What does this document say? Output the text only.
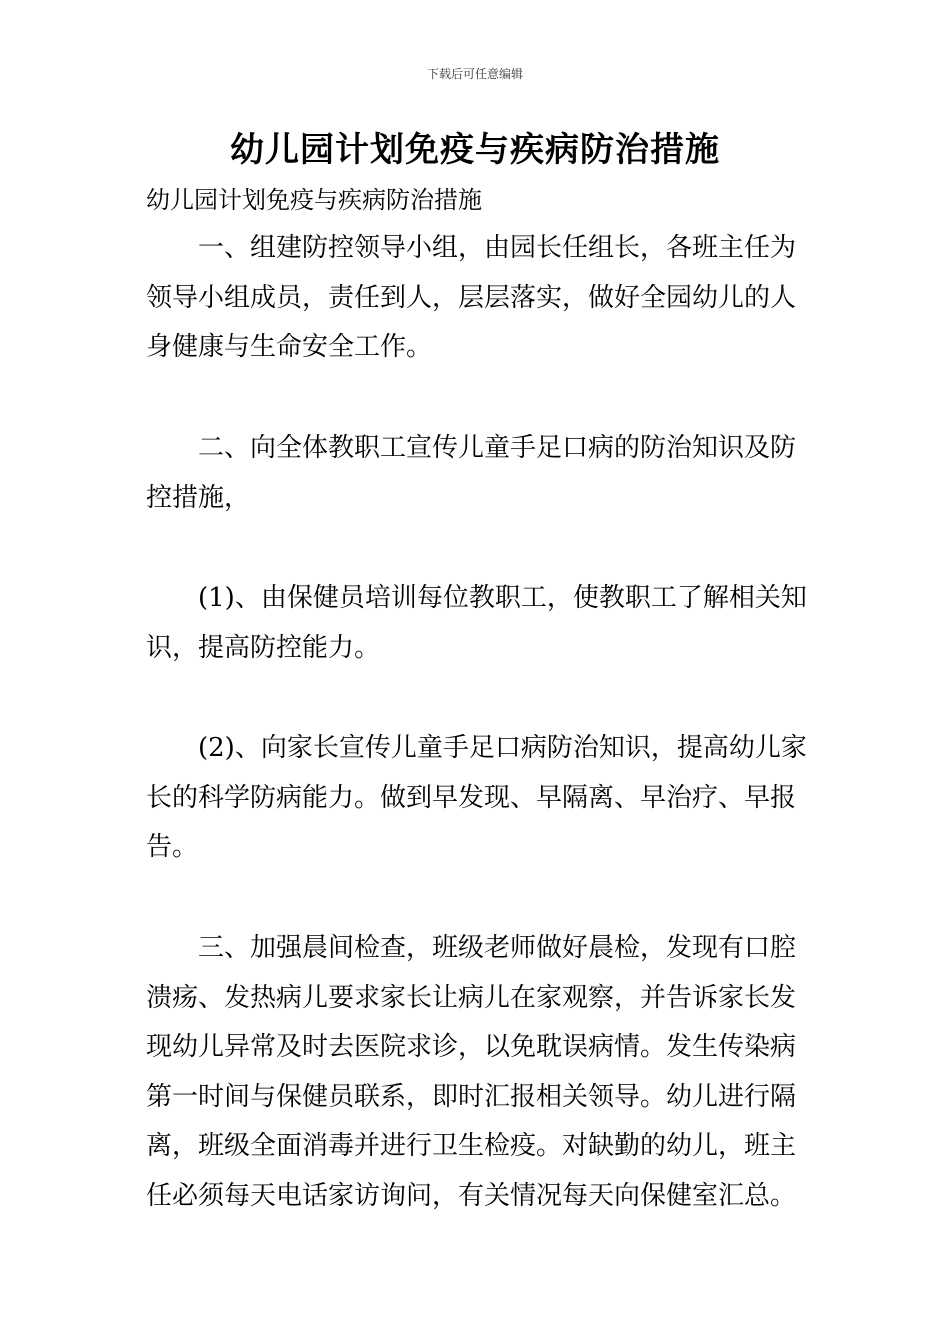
下载后可任意编辑
幼儿园计划免疫与疾病防治措施
幼儿园计划免疫与疾病防治措施
一、组建防控领导小组，由园长任组长，各班主任为
领导小组成员，责任到人，层层落实，做好全园幼儿的人
身健康与生命安全工作。
二、向全体教职工宣传儿童手足口病的防治知识及防
控措施，
(1)、由保健员培训每位教职工，使教职工了解相关知
识，提高防控能力。
(2)、向家长宣传儿童手足口病防治知识，提高幼儿家
长的科学防病能力。做到早发现、早隔离、早治疗、早报
告。
三、加强晨间检查，班级老师做好晨检，发现有口腔
溃疡、发热病儿要求家长让病儿在家观察，并告诉家长发
现幼儿异常及时去医院求诊，以免耽误病情。发生传染病
第一时间与保健员联系，即时汇报相关领导。幼儿进行隔
离，班级全面消毒并进行卫生检疫。对缺勤的幼儿，班主
任必须每天电话家访询问，有关情况每天向保健室汇总。
